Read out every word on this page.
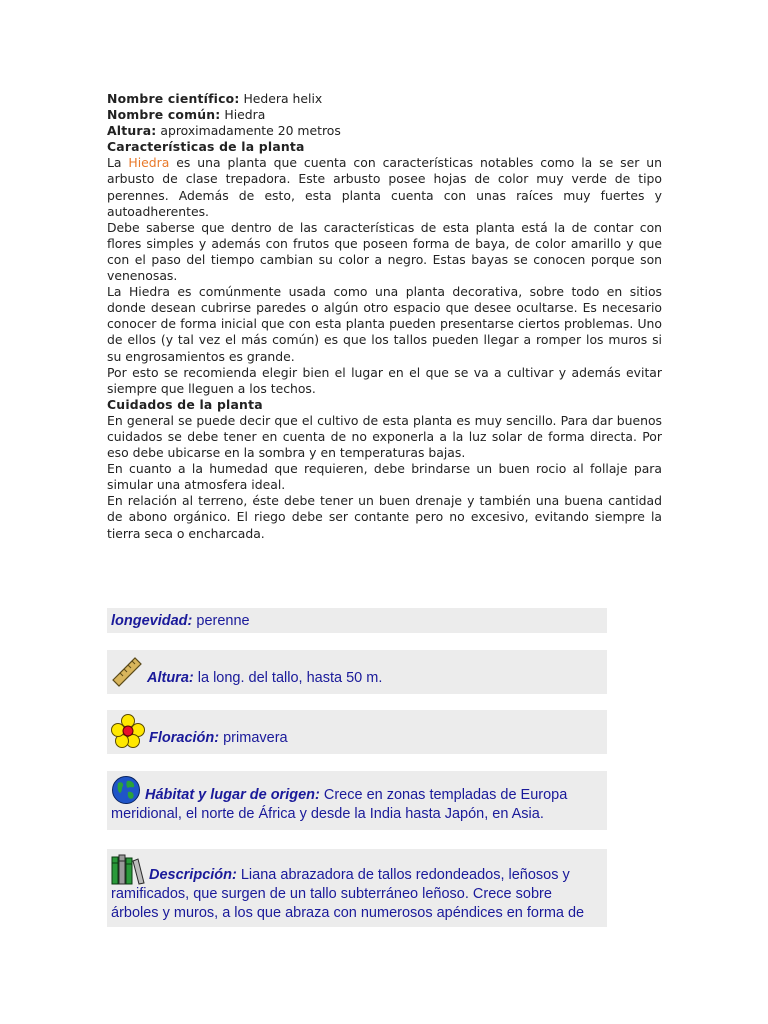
Nombre científico: Hedera helix

Nombre común: Hiedra

Altura: aproximadamente 20 metros

Características de la planta

La Hiedra es una planta que cuenta con características notables como la se ser un arbusto de clase trepadora. Este arbusto posee hojas de color muy verde de tipo perennes. Además de esto, esta planta cuenta con unas raíces muy fuertes y autoadherentes.

Debe saberse que dentro de las características de esta planta está la de contar con flores simples y además con frutos que poseen forma de baya, de color amarillo y que con el paso del tiempo cambian su color a negro. Estas bayas se conocen porque son venenosas.

La Hiedra es comúnmente usada como una planta decorativa, sobre todo en sitios donde desean cubrirse paredes o algún otro espacio que desee ocultarse. Es necesario conocer de forma inicial que con esta planta pueden presentarse ciertos problemas. Uno de ellos (y tal vez el más común) es que los tallos pueden llegar a romper los muros si su engrosamientos es grande.

Por esto se recomienda elegir bien el lugar en el que se va a cultivar y además evitar siempre que lleguen a los techos.

Cuidados de la planta

En general se puede decir que el cultivo de esta planta es muy sencillo. Para dar buenos cuidados se debe tener en cuenta de no exponerla a la luz solar de forma directa. Por eso debe ubicarse en la sombra y en temperaturas bajas.

En cuanto a la humedad que requieren, debe brindarse un buen rocio al follaje para simular una atmosfera ideal.

En relación al terreno, éste debe tener un buen drenaje y también una buena cantidad de abono orgánico. El riego debe ser contante pero no excesivo, evitando siempre la tierra seca o encharcada.

longevidad: perenne
Altura: la long. del tallo, hasta 50 m.
Floración: primavera
Hábitat y lugar de origen: Crece en zonas templadas de Europa meridional, el norte de África y desde la India hasta Japón, en Asia.
Descripción: Liana abrazadora de tallos redondeados, leñosos y ramificados, que surgen de un tallo subterráneo leñoso. Crece sobre árboles y muros, a los que abraza con numerosos apéndices en forma de
